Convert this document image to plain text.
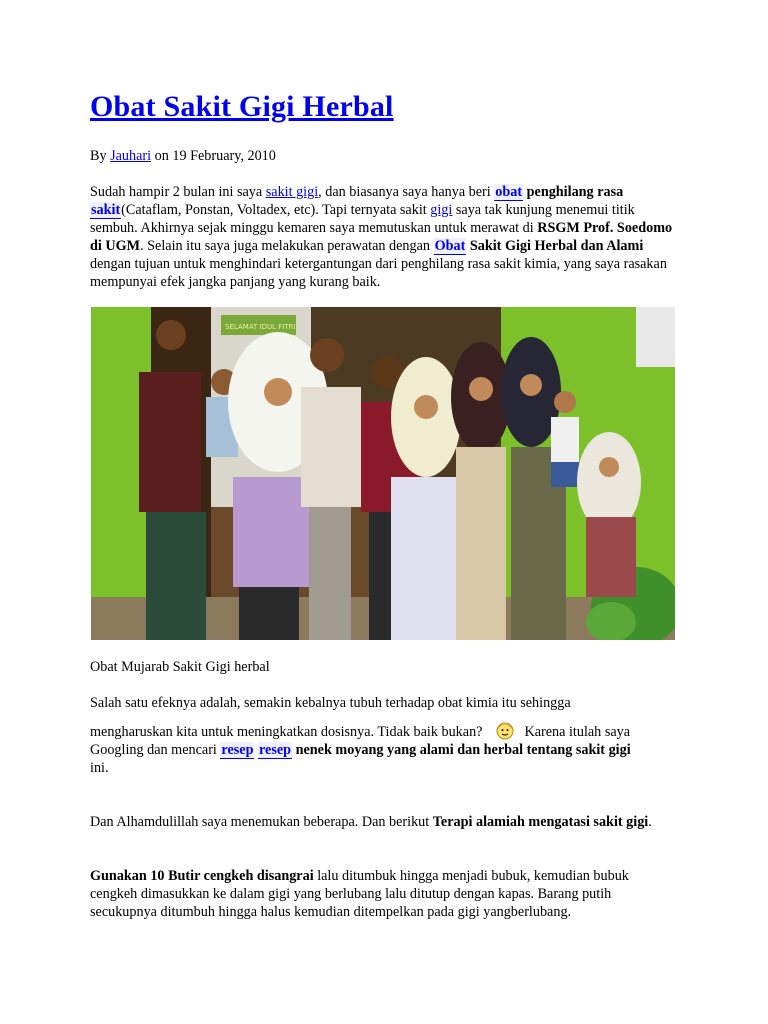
Obat Sakit Gigi Herbal

By Jauhari on 19 February, 2010

Sudah hampir 2 bulan ini saya sakit gigi, dan biasanya saya hanya beri obat penghilang rasa
sakit(Cataflam, Ponstan, Voltadex, etc). Tapi ternyata sakit gigi saya tak kunjung menemui titik sembuh. Akhirnya sejak minggu kemaren saya memutuskan untuk merawat di RSGM Prof. Soedomo di UGM. Selain itu saya juga melakukan perawatan dengan Obat Sakit Gigi Herbal dan Alami dengan tujuan untuk menghindari ketergantungan dari penghilang rasa sakit kimia, yang saya rasakan mempunyai efek jangka panjang yang kurang baik.

SELAMAT IDUL FITRI

Obat Mujarab Sakit Gigi herbal

Salah satu efeknya adalah, semakin kebalnya tubuh terhadap obat kimia itu sehingga

mengharuskan kita untuk meningkatkan dosisnya. Tidak baik bukan?	Karena itulah saya Googling dan mencari resep resep nenek moyang yang alami dan herbal tentang sakit gigi
ini.

Dan Alhamdulillah saya menemukan beberapa. Dan berikut Terapi alamiah mengatasi sakit gigi.

Gunakan 10 Butir cengkeh disangrai lalu ditumbuk hingga menjadi bubuk, kemudian bubuk cengkeh dimasukkan ke dalam gigi yang berlubang lalu ditutup dengan kapas. Barang putih secukupnya ditumbuh hingga halus kemudian ditempelkan pada gigi yangberlubang.
